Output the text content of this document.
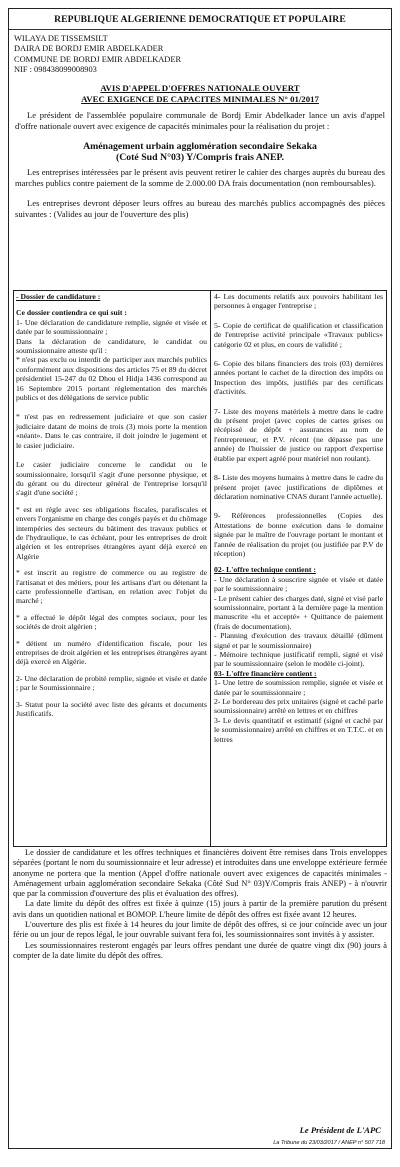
REPUBLIQUE ALGERIENNE DEMOCRATIQUE ET POPULAIRE
WILAYA DE TISSEMSILT
DAIRA DE BORDJ EMIR ABDELKADER
COMMUNE DE BORDJ EMIR ABDELKADER
NIF : 098438099008903
AVIS D'APPEL D'OFFRES NATIONALE OUVERT
AVEC EXIGENCE DE CAPACITES MINIMALES N° 01/2017
Le président de l'assemblée populaire communale de Bordj Emir Abdelkader lance un avis d'appel d'offre nationale ouvert avec exigence de capacités minimales pour la réalisation du projet :
Aménagement urbain agglomération secondaire Sekaka
(Coté Sud N°03) Y/Compris frais ANEP.
Les entreprises intéressées par le présent avis peuvent retirer le cahier des charges auprès du bureau des marches publics contre paiement de la somme de 2.000.00 DA frais documentation (non remboursables).
Les entreprises devront déposer leurs offres au bureau des marchés publics accompagnés des pièces suivantes : (Valides au jour de l'ouverture des plis)
- Dossier de candidature :
Ce dossier contiendra ce qui suit :
1- Une déclaration de candidature remplie, signée et visée et datée par le soumissionnaire ;
Dans la déclaration de candidature, le candidat ou soumissionnaire atteste qu'il :
* n'est pas exclu ou interdit de participer aux marchés publics conformément aux dispositions des articles 75 et 89 du décret présidentiel 15-247 du 02 Dhou el Hidja 1436 correspond au 16 Septembre 2015 portant réglementation des marchés publics et des délégations de service public
* n'est pas en redressement judiciaire et que son casier judiciaire datant de moins de trois (3) mois porte la mention «néant». Dans le cas contraire, il doit joindre le jugement et le casier judiciaire.
Le casier judiciaire concerne le candidat ou le soumissionnaire, lorsqu'il s'agit d'une personne physique, et du gérant ou du directeur général de l'entreprise lorsqu'il s'agit d'une société ;
* est en règle avec ses obligations fiscales, parafiscales et envers l'organisme en charge des congés payés et du chômage intempéries des secteurs du bâtiment des travaux publics et de l'hydraulique, le cas échéant, pour les entreprises de droit algérien et les entreprises étrangères ayant déjà exercé en Algérie
* est inscrit au registre de commerce ou au registre de l'artisanat et des métiers, pour les artisans d'art ou détenant la carte professionnelle d'artisan, en relation avec l'objet du marché ;
* a effectué le dépôt légal des comptes sociaux, pour les sociétés de droit algérien ;
* détient un numéro d'identification fiscale, pour les entreprises de droit algérien et les entreprises étrangères ayant déjà exercé en Algérie.
2- Une déclaration de probité remplie, signée et visée et datée ; par le Soumissionnaire ;
3- Statut pour la société avec liste des gérants et documents Justificatifs.
4- Les documents relatifs aux pouvoirs habilitant les personnes à engager l'entreprise ;
5- Copie de certificat de qualification et classification de l'entreprise activité principale «Travaux publics» catégorie 02 et plus, en cours de validité ;
6- Copie des bilans financiers des trois (03) dernières années portant le cachet de la direction des impôts ou Inspection des impôts, justifiés par des certificats d'activités.
7- Liste des moyens matériels à mettre dans le cadre du présent projet (avec copies de cartes grises ou récépissé de dépôt + assurances au nom de l'entrepreneur, et P.V. récent (ne dépasse pas une année) de l'huissier de justice ou rapport d'expertise établie par expert agréé pour matériel non roulant).
8- Liste des moyens humains à mettre dans le cadre du présent projet (avec justifications de diplômes et déclaration nominative CNAS durant l'année actuelle).
9- Références professionnelles (Copies des Attestations de bonne exécution dans le domaine signée par le maître de l'ouvrage portant le montant et l'année de réalisation du projet (ou justifiée par P.V de réception)
02- L'offre technique contient :
- Une déclaration à souscrire signée et visée et datée par le soumissionnaire ;
- Le présent cahier des charges daté, signé et visé parle soumissionnaire, portant à la dernière page la mention manuscrite «lu et accepté» + Quittance de paiement (frais de documentation).
- Planning d'exécution des travaux détaillé (dûment signé et par le soumissionnaire)
- Mémoire technique justificatif rempli, signé et visé par le soumissionnaire (selon le modèle ci-joint).
03- L'offre financière contient :
1- Une lettre de soumission remplie, signée et visée et datée par le soumissionnaire ;
2- Le bordereau des prix unitaires (signé et caché parle soumissionnaire) arrêté en lettres et en chiffres
3- Le devis quantitatif et estimatif (signé et caché par le soumissionnaire) arrêté en chiffres et en T.T.C. et en lettres

Le dossier de candidature et les offres techniques et financières doivent être remises dans Trois enveloppes séparées (portant le nom du soumissionnaire et leur adresse) et introduites dans une enveloppe extérieure fermée anonyme ne portera que la mention (Appel d'offre nationale ouvert avec exigences de capacités minimales - Aménagement urbain agglomération secondaire Sekaka (Côté Sud N° 03)Y/Compris frais ANEP) - à n'ouvrir que par la commission d'ouverture des plis et évaluation des offres).

La date limite du dépôt des offres est fixée à quinze (15) jours à partir de la première parution du présent avis dans un quotidien national et BOMOP. L'heure limite de dépôt des offres est fixée avant 12 heures.

L'ouverture des plis est fixée à 14 heures du jour limite de dépôt des offres, si ce jour coïncide avec un jour férie ou un jour de repos légal, le jour ouvrable suivant fera foi, les soumissionnaires sont invités à y assister.

Les soumissionnaires resteront engagés par leurs offres pendant une durée de quatre vingt dix (90) jours à compter de la date limite du dépôt des offres.

Le Président de L'APC
La Tribune du 23/03/2017 / ANEP n° 507 718
